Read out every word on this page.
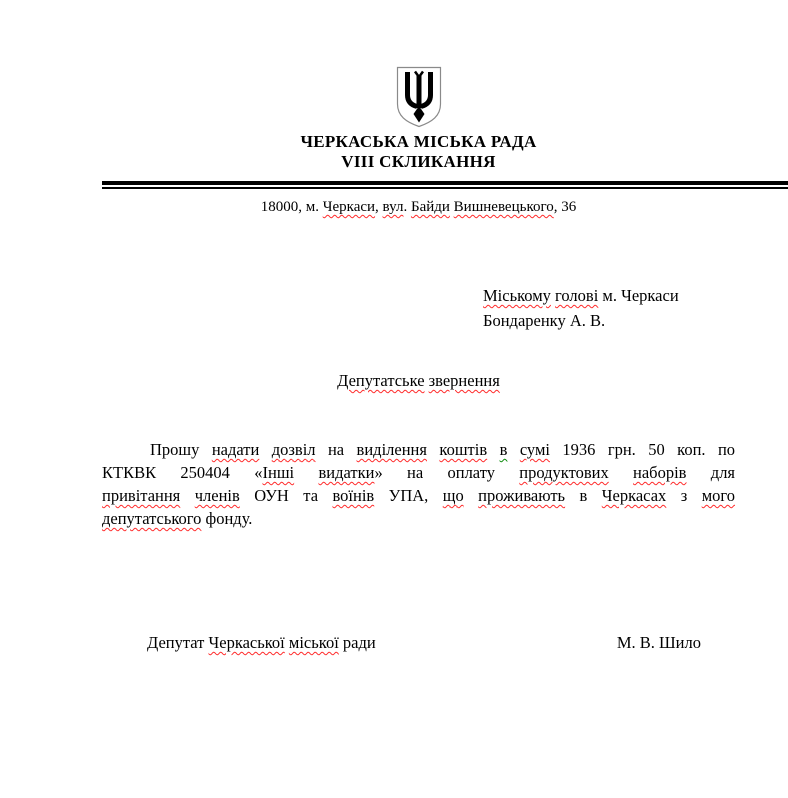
ЧЕРКАСЬКА МІСЬКА РАДА
VIII СКЛИКАННЯ
18000, м. Черкаси, вул. Байди Вишневецького, 36
Міському голові м. Черкаси
Бондаренку А. В.
Депутатське звернення
Прошу надати дозвіл на виділення коштів в сумі 1936 грн. 50 коп. по
КТКВК 250404 «Інші видатки» на оплату продуктових наборів для
привітання членів ОУН та воїнів УПА, що проживають в Черкасах з мого
депутатського фонду.
Депутат Черкаської міської ради	М. В. Шило
